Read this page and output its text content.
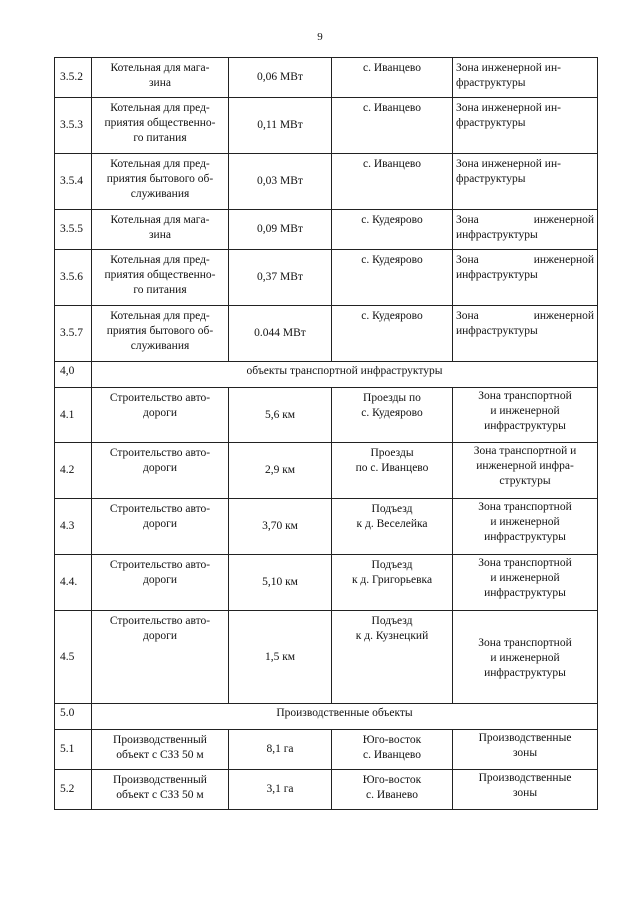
9
3.5.2	Котельная для мага-
зина	0,06 МВт	с. Иванцево	Зона инженерной ин-
фраструктуры

3.5.3	Котельная для пред-
приятия общественно-
го питания	0,11 МВт	с. Иванцево	Зона инженерной ин-
фраструктуры

3.5.4	Котельная для пред-
приятия бытового об-
служивания	0,03 МВт	с. Иванцево	Зона инженерной ин-
фраструктуры

3.5.5	Котельная для мага-
зина	0,09 МВт	с. Кудеярово	Зона инженерной
инфраструктуры

3.5.6	Котельная для пред-
приятия общественно-
го питания	0,37 МВт	с. Кудеярово	Зона инженерной
инфраструктуры

3.5.7	Котельная для пред-
приятия бытового об-
служивания	0.044 МВт	с. Кудеярово	Зона инженерной
инфраструктуры

4,0	объекты транспортной инфраструктуры			
4.1	Строительство авто-
дороги	5,6 км	Проезды по
с. Кудеярово	Зона транспортной
и инженерной
инфраструктуры

4.2	Строительство авто-
дороги	2,9 км	Проезды
по с. Иванцево	Зона транспортной и
инженерной инфра-
структуры

4.3	Строительство авто-
дороги	3,70 км	Подъезд
к д. Веселейка	Зона транспортной
и инженерной
инфраструктуры

4.4.	Строительство авто-
дороги	5,10 км	Подъезд
к д. Григорьевка	Зона транспортной
и инженерной
инфраструктуры

4.5	Строительство авто-
дороги	1,5 км	Подъезд
к д. Кузнецкий	Зона транспортной
и инженерной
инфраструктуры

5.0	Производственные объекты			
5.1	Производственный
объект с СЗЗ 50 м	8,1 га	Юго-восток
с. Иванцево	Производственные
зоны

5.2	Производственный
объект с СЗЗ 50 м	3,1 га	Юго-восток
с. Иванево	Производственные
зоны
